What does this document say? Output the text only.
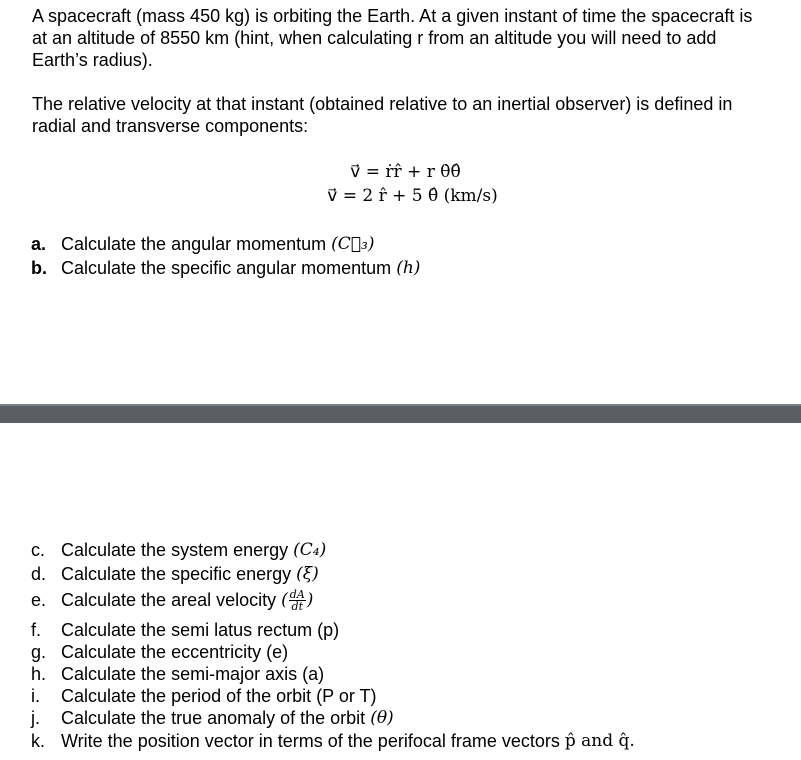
A spacecraft (mass 450 kg) is orbiting the Earth. At a given instant of time the spacecraft is at an altitude of 8550 km (hint, when calculating r from an altitude you will need to add Earth’s radius).

The relative velocity at that instant (obtained relative to an inertial observer) is defined in radial and transverse components:

v⃗ = ṙr̂ + r θ̇θ̂
v⃗ = 2 r̂ + 5 θ̂ (km/s)
a. Calculate the angular momentum
(C⃗₃)
b. Calculate the specific angular momentum
(h)
c. Calculate the system energy
(C₄)
d. Calculate the specific energy
(ξ)
e. Calculate the areal velocity
( $\frac{dA}{dt}$ )
f.	Calculate the semi latus rectum (p)
g. Calculate the eccentricity (e)
h. Calculate the semi-major axis (a)
i.	Calculate the period of the orbit (P or T)
j.	Calculate the true anomaly of the orbit
(θ)
k. Write the position vector in terms of the perifocal frame vectors
p̂ and q̂.
